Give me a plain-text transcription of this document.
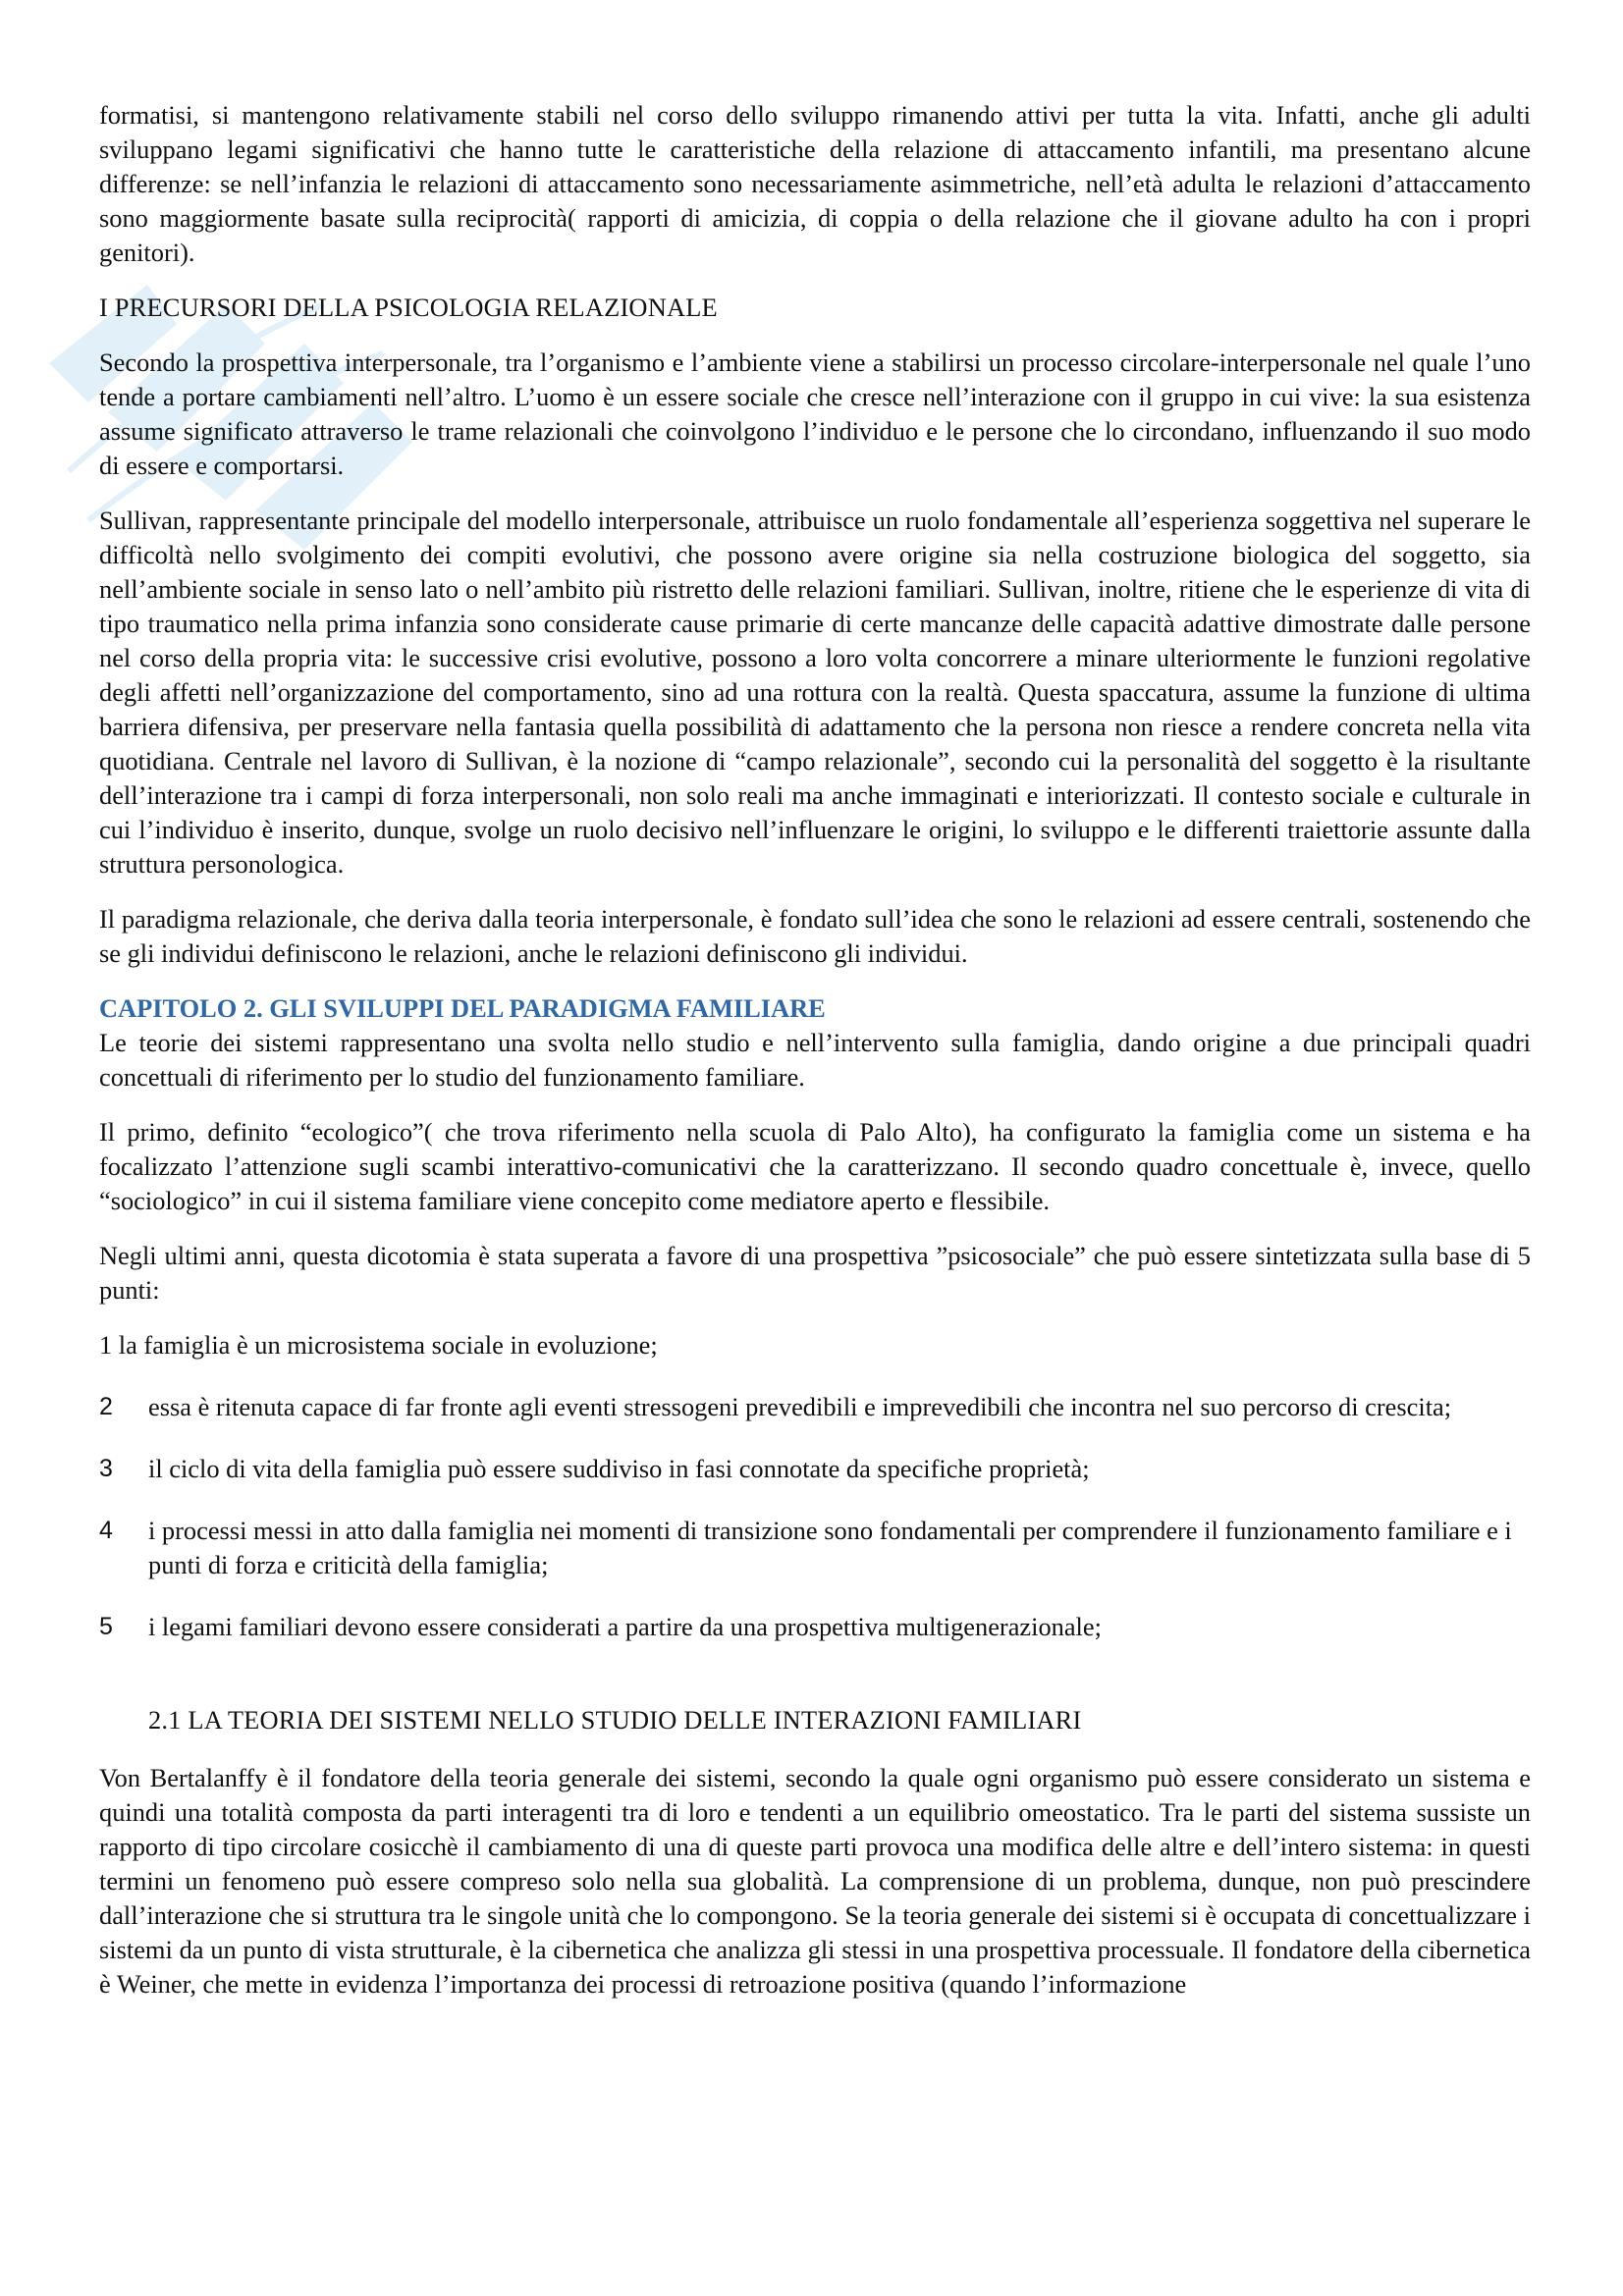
formatisi, si mantengono relativamente stabili nel corso dello sviluppo rimanendo attivi per tutta la vita. Infatti, anche gli adulti sviluppano legami significativi che hanno tutte le caratteristiche della relazione di attaccamento infantili, ma presentano alcune differenze: se nell’infanzia le relazioni di attaccamento sono necessariamente asimmetriche, nell’età adulta le relazioni d’attaccamento sono maggiormente basate sulla reciprocità( rapporti di amicizia, di coppia o della relazione che il giovane adulto ha con i propri genitori).

I PRECURSORI DELLA PSICOLOGIA RELAZIONALE

Secondo la prospettiva interpersonale, tra l’organismo e l’ambiente viene a stabilirsi un processo circolare-interpersonale nel quale l’uno tende a portare cambiamenti nell’altro. L’uomo è un essere sociale che cresce nell’interazione con il gruppo in cui vive: la sua esistenza assume significato attraverso le trame relazionali che coinvolgono l’individuo e le persone che lo circondano, influenzando il suo modo di essere e comportarsi.

Sullivan, rappresentante principale del modello interpersonale, attribuisce un ruolo fondamentale all’esperienza soggettiva nel superare le difficoltà nello svolgimento dei compiti evolutivi, che possono avere origine sia nella costruzione biologica del soggetto, sia nell’ambiente sociale in senso lato o nell’ambito più ristretto delle relazioni familiari. Sullivan, inoltre, ritiene che le esperienze di vita di tipo traumatico nella prima infanzia sono considerate cause primarie di certe mancanze delle capacità adattive dimostrate dalle persone nel corso della propria vita: le successive crisi evolutive, possono a loro volta concorrere a minare ulteriormente le funzioni regolative degli affetti nell’organizzazione del comportamento, sino ad una rottura con la realtà. Questa spaccatura, assume la funzione di ultima barriera difensiva, per preservare nella fantasia quella possibilità di adattamento che la persona non riesce a rendere concreta nella vita quotidiana. Centrale nel lavoro di Sullivan, è la nozione di “campo relazionale”, secondo cui la personalità del soggetto è la risultante dell’interazione tra i campi di forza interpersonali, non solo reali ma anche immaginati e interiorizzati. Il contesto sociale e culturale in cui l’individuo è inserito, dunque, svolge un ruolo decisivo nell’influenzare le origini, lo sviluppo e le differenti traiettorie assunte dalla struttura personologica.

Il paradigma relazionale, che deriva dalla teoria interpersonale, è fondato sull’idea che sono le relazioni ad essere centrali, sostenendo che se gli individui definiscono le relazioni, anche le relazioni definiscono gli individui.

CAPITOLO 2. GLI SVILUPPI DEL PARADIGMA FAMILIARE

Le teorie dei sistemi rappresentano una svolta nello studio e nell’intervento sulla famiglia, dando origine a due principali quadri concettuali di riferimento per lo studio del funzionamento familiare.

Il primo, definito “ecologico”( che trova riferimento nella scuola di Palo Alto), ha configurato la famiglia come un sistema e ha focalizzato l’attenzione sugli scambi interattivo-comunicativi che la caratterizzano. Il secondo quadro concettuale è, invece, quello “sociologico” in cui il sistema familiare viene concepito come mediatore aperto e flessibile.

Negli ultimi anni, questa dicotomia è stata superata a favore di una prospettiva ”psicosociale” che può essere sintetizzata sulla base di 5 punti:

1 la famiglia è un microsistema sociale in evoluzione;
2	essa è ritenuta capace di far fronte agli eventi stressogeni prevedibili e imprevedibili che incontra nel suo percorso di crescita;
3	il ciclo di vita della famiglia può essere suddiviso in fasi connotate da specifiche proprietà;
4	i processi messi in atto dalla famiglia nei momenti di transizione sono fondamentali per comprendere il funzionamento familiare e i punti di forza e criticità della famiglia;
5	i legami familiari devono essere considerati a partire da una prospettiva multigenerazionale;
2.1 LA TEORIA DEI SISTEMI NELLO STUDIO DELLE INTERAZIONI FAMILIARI

Von Bertalanffy è il fondatore della teoria generale dei sistemi, secondo la quale ogni organismo può essere considerato un sistema e quindi una totalità composta da parti interagenti tra di loro e tendenti a un equilibrio omeostatico. Tra le parti del sistema sussiste un rapporto di tipo circolare cosicchè il cambiamento di una di queste parti provoca una modifica delle altre e dell’intero sistema: in questi termini un fenomeno può essere compreso solo nella sua globalità. La comprensione di un problema, dunque, non può prescindere dall’interazione che si struttura tra le singole unità che lo compongono. Se la teoria generale dei sistemi si è occupata di concettualizzare i sistemi da un punto di vista strutturale, è la cibernetica che analizza gli stessi in una prospettiva processuale. Il fondatore della cibernetica è Weiner, che mette in evidenza l’importanza dei processi di retroazione positiva (quando l’informazione
